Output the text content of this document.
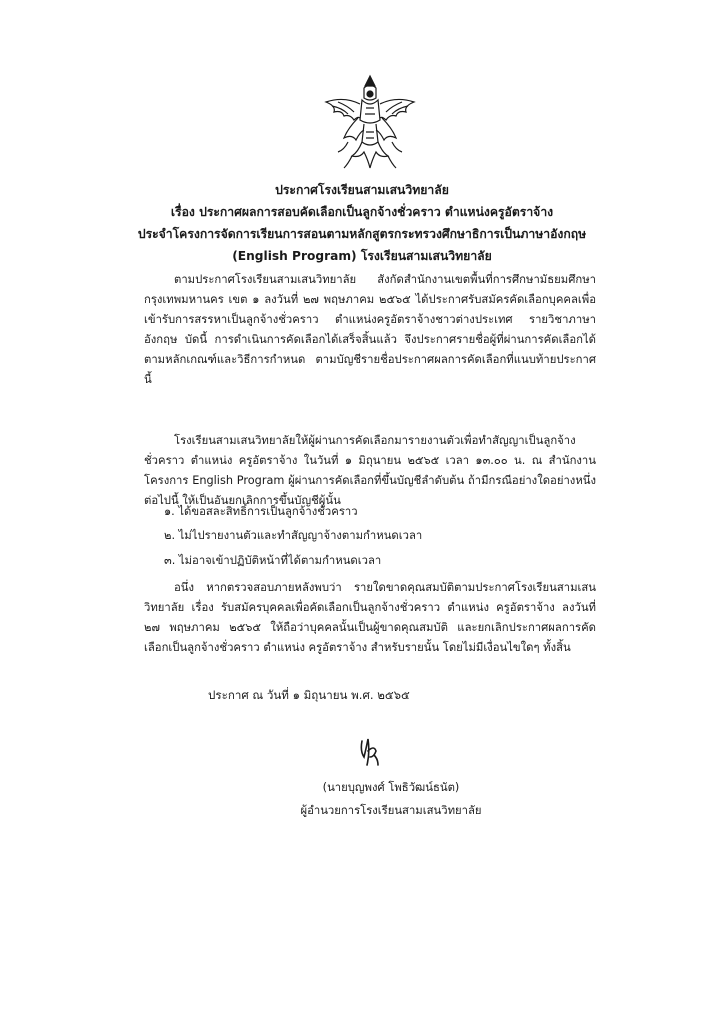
ประกาศโรงเรียนสามเสนวิทยาลัย
เรื่อง ประกาศผลการสอบคัดเลือกเป็นลูกจ้างชั่วคราว ตำแหน่งครูอัตราจ้าง
ประจำโครงการจัดการเรียนการสอนตามหลักสูตรกระทรวงศึกษาธิการเป็นภาษาอังกฤษ
(English Program) โรงเรียนสามเสนวิทยาลัย
ตามประกาศโรงเรียนสามเสนวิทยาลัย สังกัดสำนักงานเขตพื้นที่การศึกษามัธยมศึกษา กรุงเทพมหานคร เขต ๑ ลงวันที่ ๒๗ พฤษภาคม ๒๕๖๕ ได้ประกาศรับสมัครคัดเลือกบุคคลเพื่อเข้ารับการสรรหาเป็นลูกจ้างชั่วคราว ตำแหน่งครูอัตราจ้างชาวต่างประเทศ รายวิชาภาษาอังกฤษ บัดนี้ การดำเนินการคัดเลือกได้เสร็จสิ้นแล้ว จึงประกาศรายชื่อผู้ที่ผ่านการคัดเลือกได้ตามหลักเกณฑ์และวิธีการกำหนด ตามบัญชีรายชื่อประกาศผลการคัดเลือกที่แนบท้ายประกาศนี้
โรงเรียนสามเสนวิทยาลัยให้ผู้ผ่านการคัดเลือกมารายงานตัวเพื่อทำสัญญาเป็นลูกจ้างชั่วคราว ตำแหน่ง ครูอัตราจ้าง ในวันที่ ๑ มิถุนายน ๒๕๖๕ เวลา ๑๓.๐๐ น. ณ สำนักงานโครงการ English Program ผู้ผ่านการคัดเลือกที่ขึ้นบัญชีลำดับต้น ถ้ามีกรณีอย่างใดอย่างหนึ่งต่อไปนี้ ให้เป็นอันยกเลิกการขึ้นบัญชีผู้นั้น
๑. ได้ขอสละสิทธิ์การเป็นลูกจ้างชั่วคราว
๒. ไม่ไปรายงานตัวและทำสัญญาจ้างตามกำหนดเวลา
๓. ไม่อาจเข้าปฏิบัติหน้าที่ได้ตามกำหนดเวลา
อนึ่ง หากตรวจสอบภายหลังพบว่า รายใดขาดคุณสมบัติตามประกาศโรงเรียนสามเสนวิทยาลัย เรื่อง รับสมัครบุคคลเพื่อคัดเลือกเป็นลูกจ้างชั่วคราว ตำแหน่ง ครูอัตราจ้าง ลงวันที่ ๒๗ พฤษภาคม ๒๕๖๕ ให้ถือว่าบุคคลนั้นเป็นผู้ขาดคุณสมบัติ และยกเลิกประกาศผลการคัดเลือกเป็นลูกจ้างชั่วคราว ตำแหน่ง ครูอัตราจ้าง สำหรับรายนั้น โดยไม่มีเงื่อนไขใดๆ ทั้งสิ้น
ประกาศ ณ วันที่ ๑ มิถุนายน พ.ศ. ๒๕๖๕
(นายบุญพงศ์ โพธิวัฒน์ธนัต)
ผู้อำนวยการโรงเรียนสามเสนวิทยาลัย
